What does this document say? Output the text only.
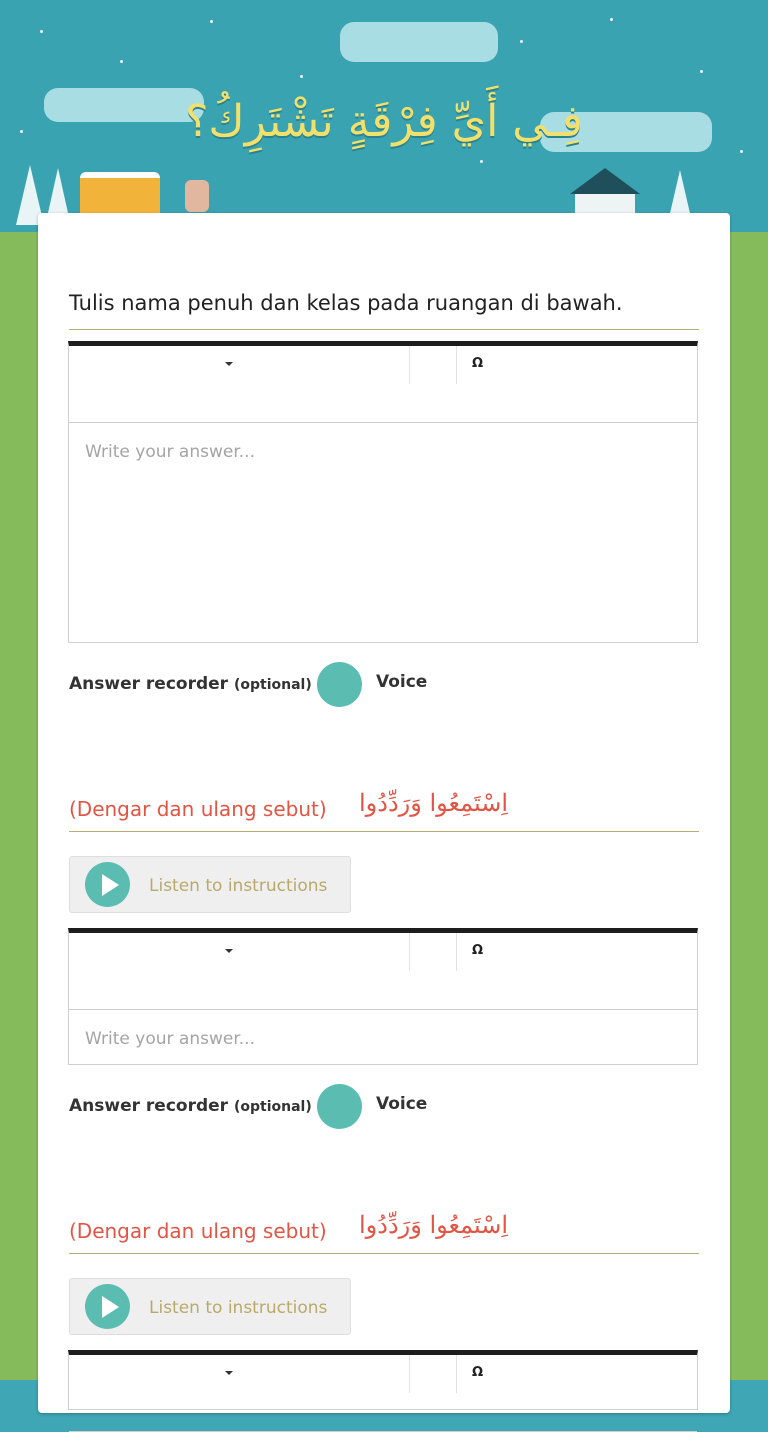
فِـي أَيِّ فِرْقَةٍ تَشْتَرِكُ؟
Tulis nama penuh dan kelas pada ruangan di bawah.
Ω
Write your answer...
Answer recorder (optional)	Voice
(Dengar dan ulang sebut) اِسْتَمِعُوا وَرَدِّدُوا
Listen to instructions
Ω
Write your answer...
Answer recorder (optional)	Voice
(Dengar dan ulang sebut) اِسْتَمِعُوا وَرَدِّدُوا
Listen to instructions
Ω
